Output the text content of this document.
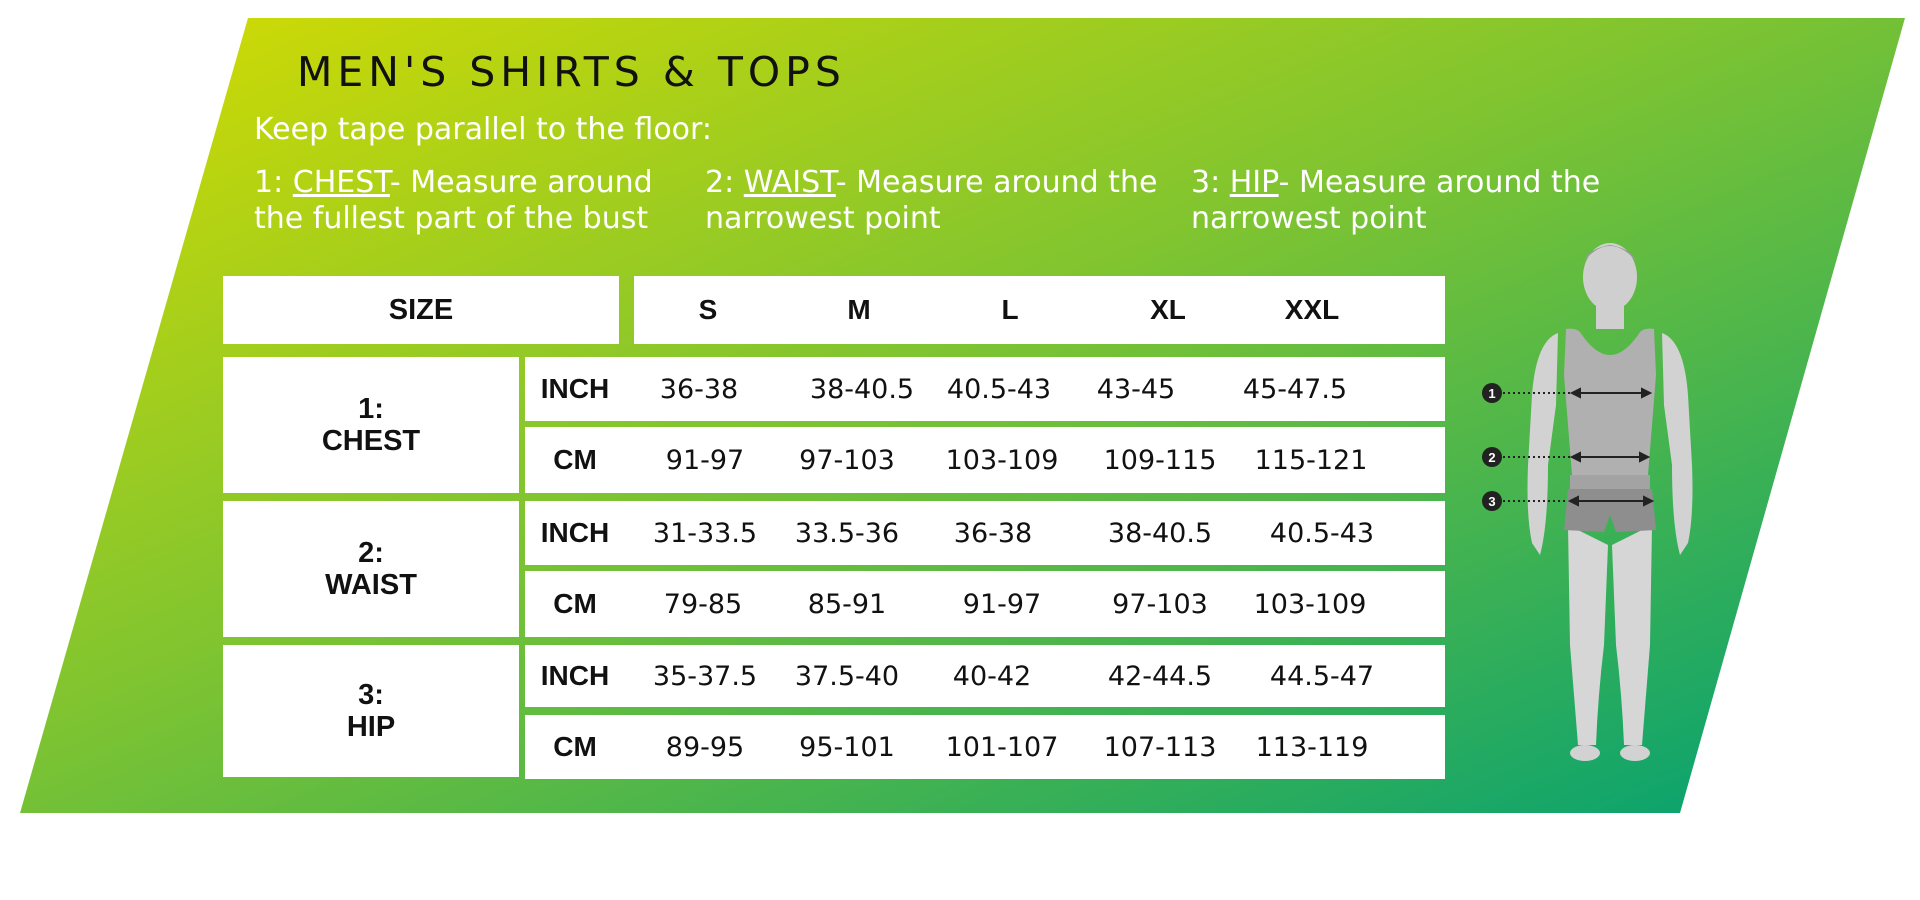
MEN'S SHIRTS & TOPS
Keep tape parallel to the floor:
1: CHEST- Measure around
the fullest part of the bust
2: WAIST- Measure around the
narrowest point
3: HIP- Measure around the
narrowest point
SIZE	S	M	L	XL	XXL
1:
CHEST
INCH	36-38	38-40.5 40.5-43 43-45	45-47.5
CM	91-97 97-103 103-109 109-115 115-121
2:
WAIST
INCH	31-33.5 33.5-36 36-38	38-40.5 40.5-43
CM	79-85 85-91	91-97	97-103 103-109
3:
HIP
INCH	35-37.5 37.5-40 40-42	42-44.5 44.5-47
CM	89-95 95-101 101-107 107-113 113-119
1
2
3
